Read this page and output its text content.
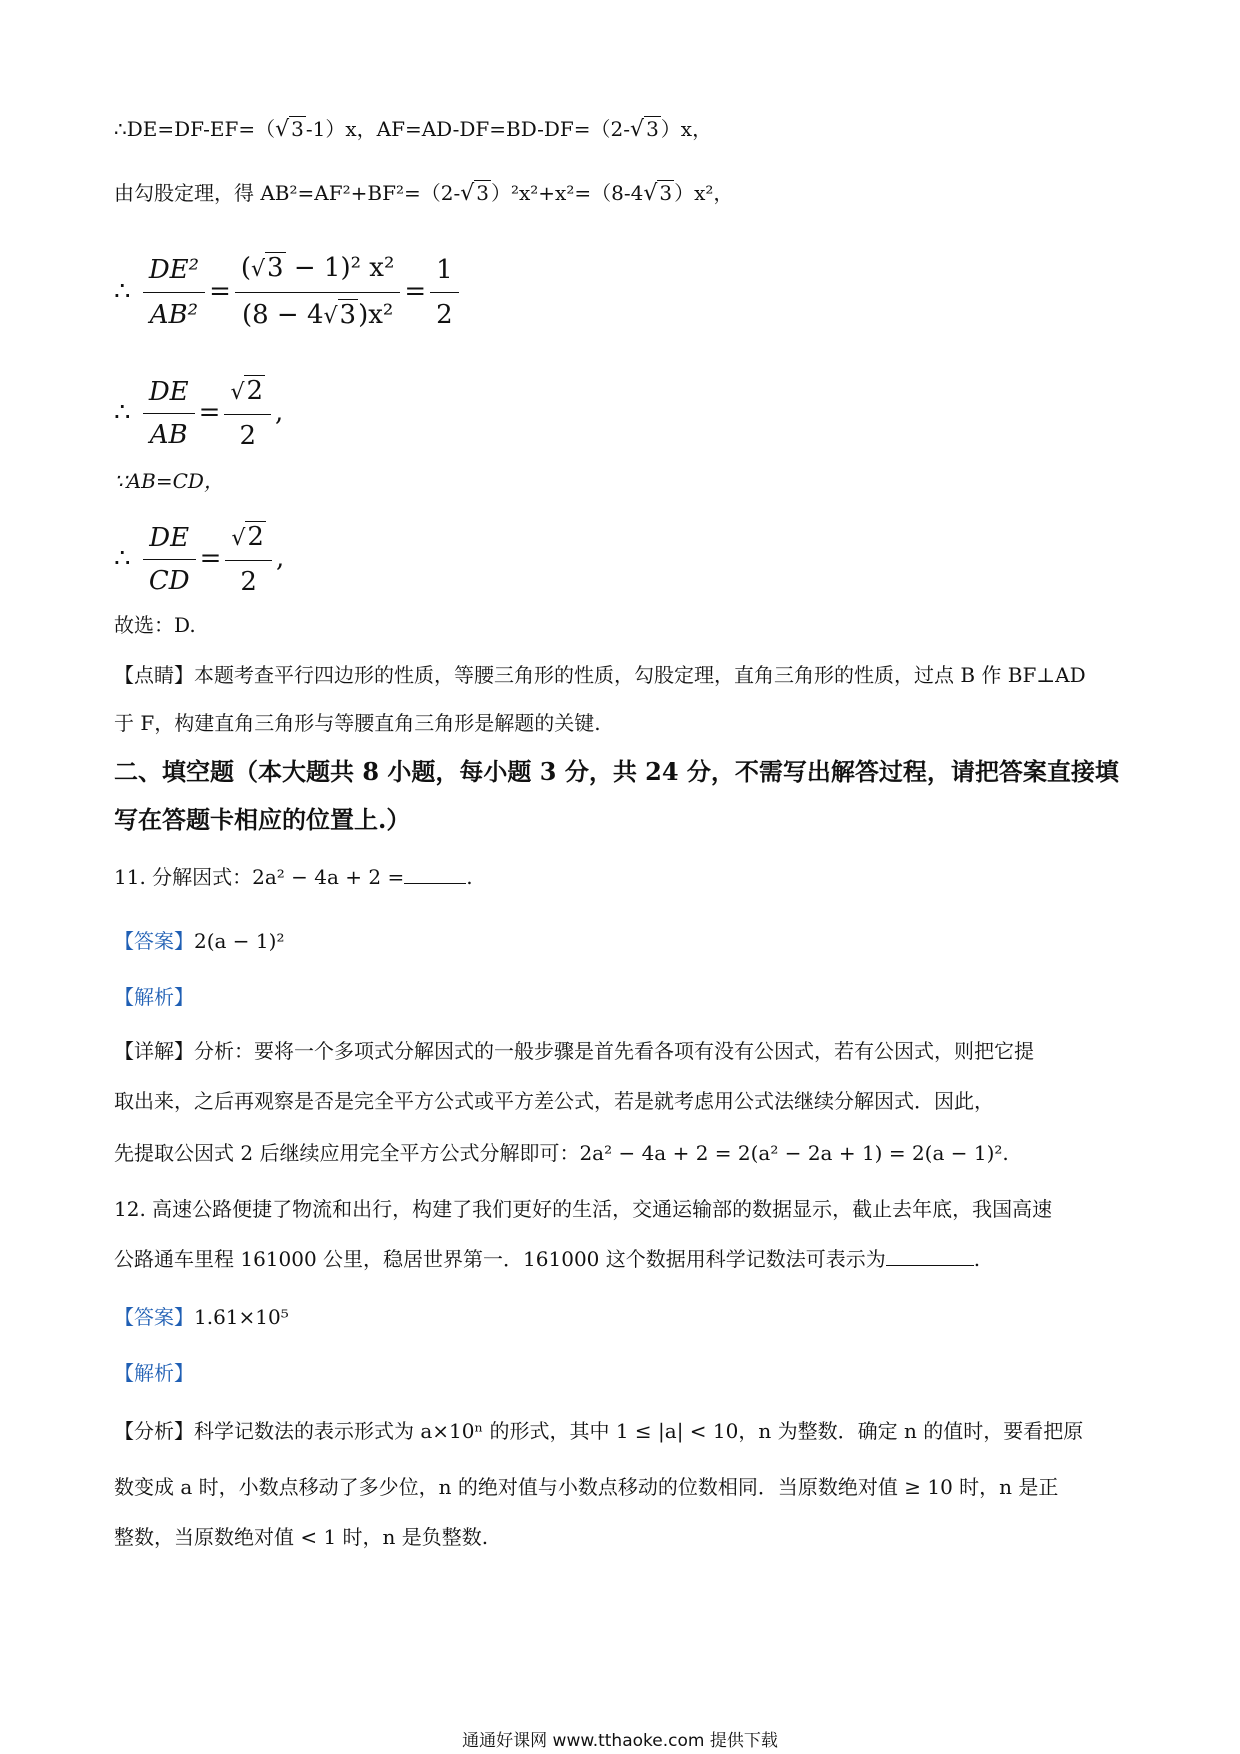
∴DE=DF-EF=（√ 3 -1）x，AF=AD-DF=BD-DF=（2-√ 3 ）x，
由勾股定理，得 AB²=AF²+BF²=（2-√ 3 ）²x²+x²=（8-4√ 3 ）x²，
∴ $\frac{\text{DE²}}{\text{AB²}} = \frac{\text{(√3 − 1)² x²}}{\text{(8 − 4√3)x²}} = \frac{1}{2}$
∴ $\frac{DE}{AB} = \frac{√2}{2}$ ,
∵AB=CD，
∴ $\frac{DE}{CD} = \frac{√2}{2}$ ,
故选：D.
【点睛】本题考查平行四边形的性质，等腰三角形的性质，勾股定理，直角三角形的性质，过点 B 作 BF⊥AD
于 F，构建直角三角形与等腰直角三角形是解题的关键.
二、填空题（本大题共 8 小题，每小题 3 分，共 24 分，不需写出解答过程，请把答案直接填
写在答题卡相应的位置上.）
11. 分解因式：2a² − 4a + 2 =	.
【答案】2(a − 1)²
【解析】
【详解】分析：要将一个多项式分解因式的一般步骤是首先看各项有没有公因式，若有公因式，则把它提
取出来，之后再观察是否是完全平方公式或平方差公式，若是就考虑用公式法继续分解因式．因此，
先提取公因式 2 后继续应用完全平方公式分解即可：2a² − 4a + 2 = 2(a² − 2a + 1) = 2(a − 1)².
12. 高速公路便捷了物流和出行，构建了我们更好的生活，交通运输部的数据显示，截止去年底，我国高速
公路通车里程 161000 公里，稳居世界第一．161000 这个数据用科学记数法可表示为	.
【答案】1.61×10⁵
【解析】
【分析】科学记数法的表示形式为 a×10ⁿ 的形式，其中 1 ≤ |a| < 10，n 为整数．确定 n 的值时，要看把原
数变成 a 时，小数点移动了多少位，n 的绝对值与小数点移动的位数相同．当原数绝对值 ≥ 10 时，n 是正
整数，当原数绝对值 < 1 时，n 是负整数.
通通好课网 www.tthaoke.com 提供下载
